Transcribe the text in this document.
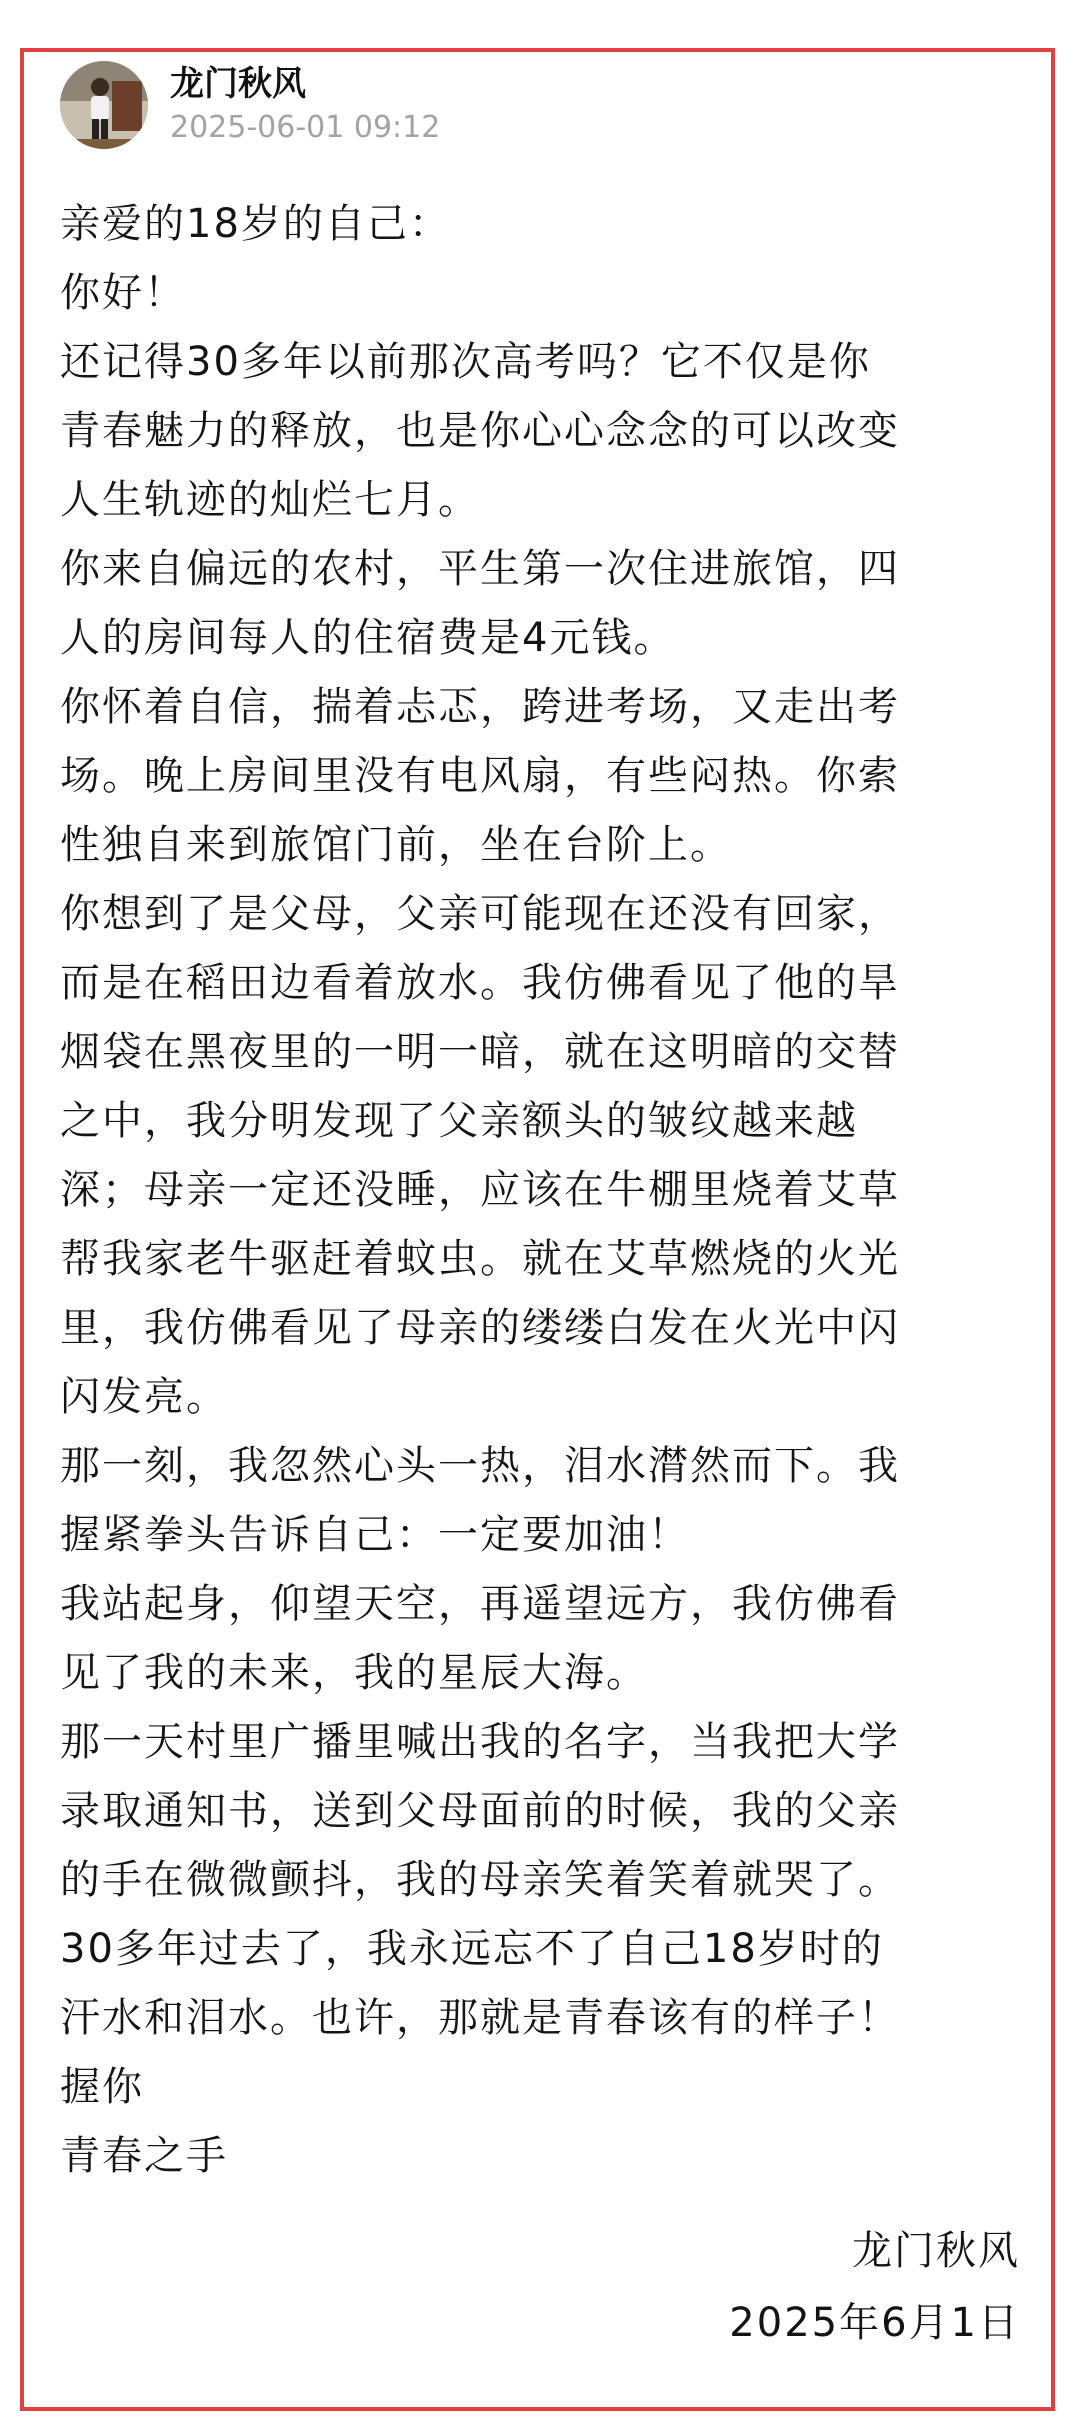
龙门秋风
2025-06-01 09:12

亲爱的18岁的自己：

你好！

还记得30多年以前那次高考吗？它不仅是你
青春魅力的释放，也是你心心念念的可以改变
人生轨迹的灿烂七月。

你来自偏远的农村，平生第一次住进旅馆，四
人的房间每人的住宿费是4元钱。

你怀着自信，揣着忐忑，跨进考场，又走出考
场。晚上房间里没有电风扇，有些闷热。你索
性独自来到旅馆门前，坐在台阶上。

你想到了是父母，父亲可能现在还没有回家，
而是在稻田边看着放水。我仿佛看见了他的旱
烟袋在黑夜里的一明一暗，就在这明暗的交替
之中，我分明发现了父亲额头的皱纹越来越
深；母亲一定还没睡，应该在牛棚里烧着艾草
帮我家老牛驱赶着蚊虫。就在艾草燃烧的火光
里，我仿佛看见了母亲的缕缕白发在火光中闪
闪发亮。

那一刻，我忽然心头一热，泪水潸然而下。我
握紧拳头告诉自己：一定要加油！

我站起身，仰望天空，再遥望远方，我仿佛看
见了我的未来，我的星辰大海。

那一天村里广播里喊出我的名字，当我把大学
录取通知书，送到父母面前的时候，我的父亲
的手在微微颤抖，我的母亲笑着笑着就哭了。

30多年过去了，我永远忘不了自己18岁时的
汗水和泪水。也许，那就是青春该有的样子！

握你

青春之手

龙门秋风

2025年6月1日
